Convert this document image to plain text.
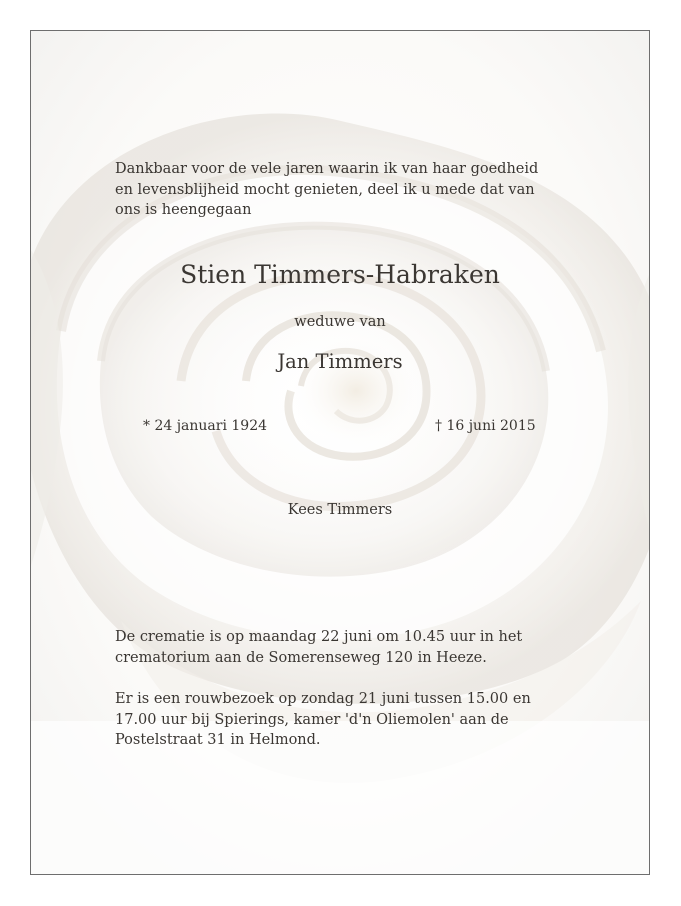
Dankbaar voor de vele jaren waarin ik van haar goedheid
en levensblijheid mocht genieten, deel ik u mede dat van
ons is heengegaan

Stien Timmers-Habraken

weduwe van

Jan Timmers

* 24 januari 1924	† 16 juni 2015

Kees Timmers

De crematie is op maandag 22 juni om 10.45 uur in het
crematorium aan de Somerenseweg 120 in Heeze.

Er is een rouwbezoek op zondag 21 juni tussen 15.00 en
17.00 uur bij Spierings, kamer 'd'n Oliemolen' aan de
Postelstraat 31 in Helmond.
